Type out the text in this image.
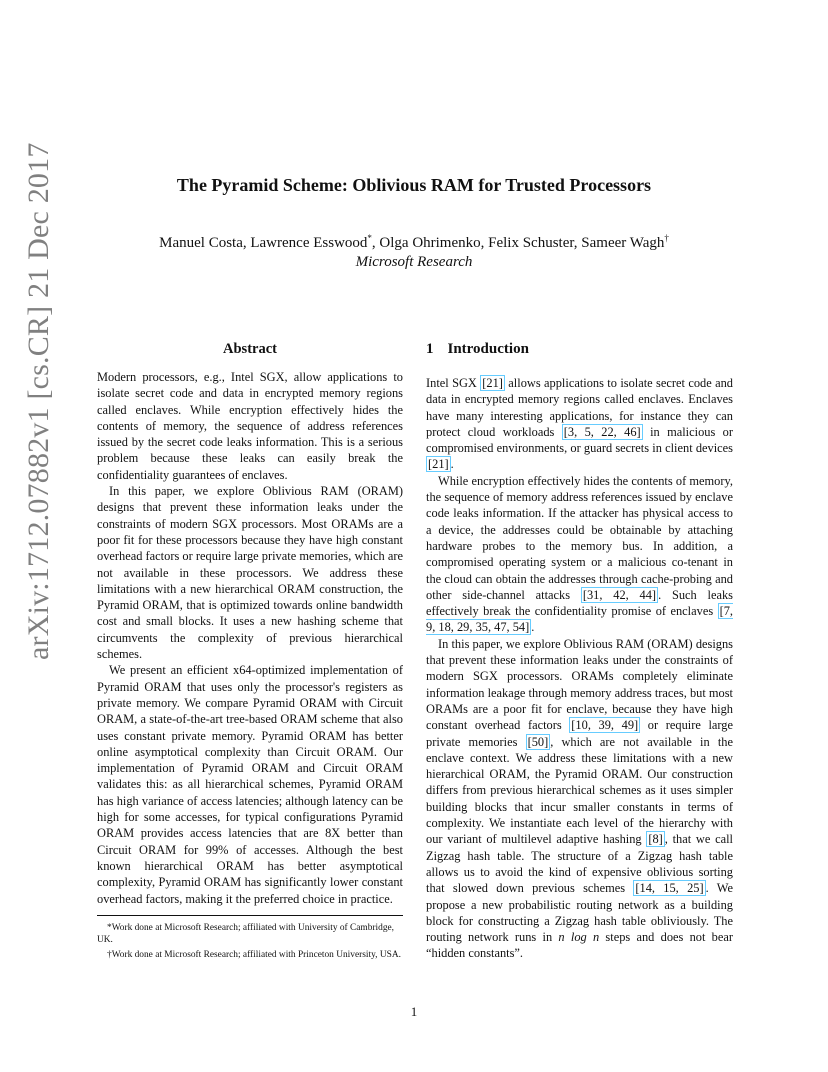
arXiv:1712.07882v1 [cs.CR] 21 Dec 2017	The Pyramid Scheme: Oblivious RAM for Trusted Processors
Manuel Costa, Lawrence Esswood*, Olga Ohrimenko, Felix Schuster, Sameer Wagh†
Microsoft Research
Abstract

Modern processors, e.g., Intel SGX, allow applications to isolate secret code and data in encrypted memory regions called enclaves. While encryption effectively hides the contents of memory, the sequence of address references issued by the secret code leaks information. This is a serious problem because these leaks can easily break the confidentiality guarantees of enclaves.

In this paper, we explore Oblivious RAM (ORAM) designs that prevent these information leaks under the constraints of modern SGX processors. Most ORAMs are a poor fit for these processors because they have high constant overhead factors or require large private memories, which are not available in these processors. We address these limitations with a new hierarchical ORAM construction, the Pyramid ORAM, that is optimized towards online bandwidth cost and small blocks. It uses a new hashing scheme that circumvents the complexity of previous hierarchical schemes.

We present an efficient x64-optimized implementation of Pyramid ORAM that uses only the processor's registers as private memory. We compare Pyramid ORAM with Circuit ORAM, a state-of-the-art tree-based ORAM scheme that also uses constant private memory. Pyramid ORAM has better online asymptotical complexity than Circuit ORAM. Our implementation of Pyramid ORAM and Circuit ORAM validates this: as all hierarchical schemes, Pyramid ORAM has high variance of access latencies; although latency can be high for some accesses, for typical configurations Pyramid ORAM provides access latencies that are 8X better than Circuit ORAM for 99% of accesses. Although the best known hierarchical ORAM has better asymptotical complexity, Pyramid ORAM has significantly lower constant overhead factors, making it the preferred choice in practice.

1 Introduction

Intel SGX [21] allows applications to isolate secret code and data in encrypted memory regions called enclaves. Enclaves have many interesting applications, for instance they can protect cloud workloads [3, 5, 22, 46] in malicious or compromised environments, or guard secrets in client devices [21] .

While encryption effectively hides the contents of memory, the sequence of memory address references issued by enclave code leaks information. If the attacker has physical access to a device, the addresses could be obtainable by attaching hardware probes to the memory bus. In addition, a compromised operating system or a malicious co-tenant in the cloud can obtain the addresses through cache-probing and other side-channel attacks [31, 42, 44] . Such leaks effectively break the confidentiality promise of enclaves [7, 9, 18, 29, 35, 47, 54] .

In this paper, we explore Oblivious RAM (ORAM) designs that prevent these information leaks under the constraints of modern SGX processors. ORAMs completely eliminate information leakage through memory address traces, but most ORAMs are a poor fit for enclave, because they have high constant overhead factors [10, 39, 49] or require large private memories [50] , which are not available in the enclave context. We address these limitations with a new hierarchical ORAM, the Pyramid ORAM. Our construction differs from previous hierarchical schemes as it uses simpler building blocks that incur smaller constants in terms of complexity. We instantiate each level of the hierarchy with our variant of multilevel adaptive hashing [8] , that we call Zigzag hash table. The structure of a Zigzag hash table allows us to avoid the kind of expensive oblivious sorting that slowed down previous schemes [14, 15, 25] . We propose a new probabilistic routing network as a building block for constructing a Zigzag hash table obliviously. The routing network runs in n log n steps and does not bear “hidden constants”.

*Work done at Microsoft Research; affiliated with University of Cambridge, UK.

†Work done at Microsoft Research; affiliated with Princeton University, USA.

1
